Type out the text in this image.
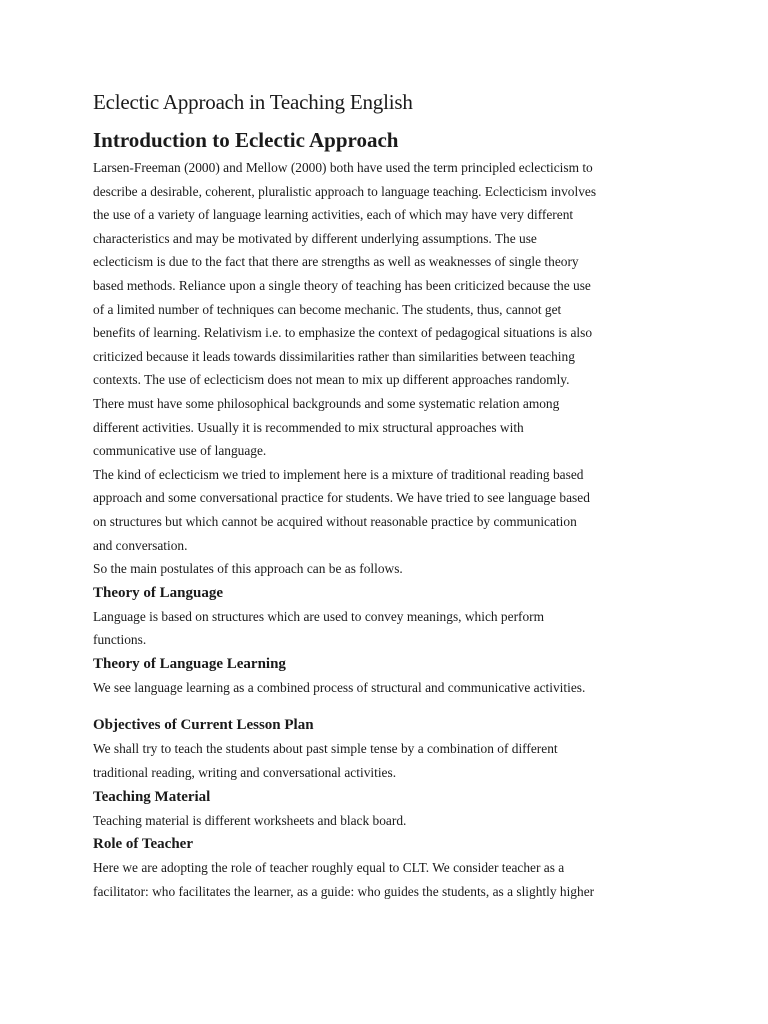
Eclectic Approach in Teaching English
Introduction to Eclectic Approach
Larsen-Freeman (2000) and Mellow (2000) both have used the term principled eclecticism to
describe a desirable, coherent, pluralistic approach to language teaching. Eclecticism involves
the use of a variety of language learning activities, each of which may have very different
characteristics and may be motivated by different underlying assumptions. The use
eclecticism is due to the fact that there are strengths as well as weaknesses of single theory
based methods. Reliance upon a single theory of teaching has been criticized because the use
of a limited number of techniques can become mechanic. The students, thus, cannot get
benefits of learning. Relativism i.e. to emphasize the context of pedagogical situations is also
criticized because it leads towards dissimilarities rather than similarities between teaching
contexts. The use of eclecticism does not mean to mix up different approaches randomly.
There must have some philosophical backgrounds and some systematic relation among
different activities. Usually it is recommended to mix structural approaches with
communicative use of language.
The kind of eclecticism we tried to implement here is a mixture of traditional reading based
approach and some conversational practice for students. We have tried to see language based
on structures but which cannot be acquired without reasonable practice by communication
and conversation.
So the main postulates of this approach can be as follows.
Theory of Language
Language is based on structures which are used to convey meanings, which perform
functions.
Theory of Language Learning
We see language learning as a combined process of structural and communicative activities.
Objectives of Current Lesson Plan
We shall try to teach the students about past simple tense by a combination of different
traditional reading, writing and conversational activities.
Teaching Material
Teaching material is different worksheets and black board.
Role of Teacher
Here we are adopting the role of teacher roughly equal to CLT. We consider teacher as a
facilitator: who facilitates the learner, as a guide: who guides the students, as a slightly higher
